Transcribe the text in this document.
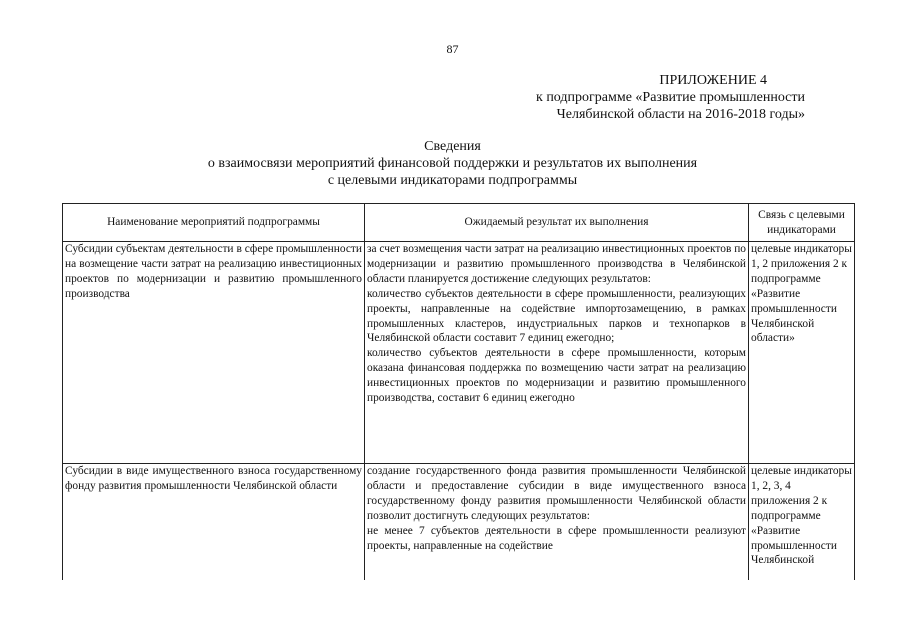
87
ПРИЛОЖЕНИЕ 4
к подпрограмме «Развитие промышленности
Челябинской области на 2016-2018 годы»
Сведения
о взаимосвязи мероприятий финансовой поддержки и результатов их выполнения
с целевыми индикаторами подпрограммы
Наименование мероприятий подпрограммы	Ожидаемый результат их выполнения	Связь с целевыми индикаторами
Субсидии субъектам деятельности в сфере промышленности на возмещение части затрат на реализацию инвестиционных проектов по модернизации и развитию промышленного производства	за счет возмещения части затрат на реализацию инвестиционных проектов по модернизации и развитию промышленного производства в Челябинской области планируется достижение следующих результатов:
количество субъектов деятельности в сфере промышленности, реализующих проекты, направленные на содействие импортозамещению, в рамках промышленных кластеров, индустриальных парков и технопарков в Челябинской области составит 7 единиц ежегодно;
количество субъектов деятельности в сфере промышленности, которым оказана финансовая поддержка по возмещению части затрат на реализацию инвестиционных проектов по модернизации и развитию промышленного производства, составит 6 единиц ежегодно	целевые индикаторы 1, 2 приложения 2 к подпрограмме «Развитие промышленности Челябинской области»
Субсидии в виде имущественного взноса государственному фонду развития промышленности Челябинской области	создание государственного фонда развития промышленности Челябинской области и предоставление субсидии в виде имущественного взноса государственному фонду развития промышленности Челябинской области позволит достигнуть следующих результатов:
не менее 7 субъектов деятельности в сфере промышленности реализуют проекты, направленные на содействие	целевые индикаторы 1, 2, 3, 4 приложения 2 к подпрограмме «Развитие промышленности Челябинской
